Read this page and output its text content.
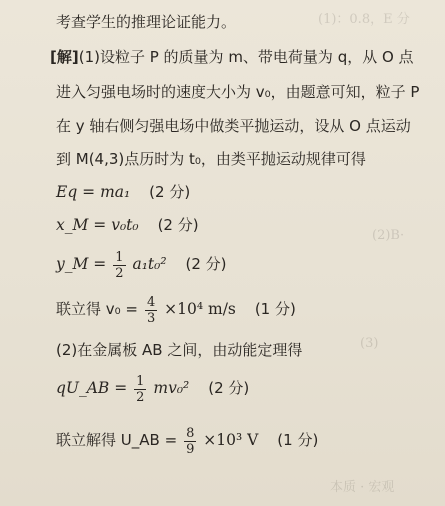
(1)：0.8，E 分
(2)B·
(3)
本质 · 宏观
考查学生的推理论证能力。
[解](1)设粒子 P 的质量为 m、带电荷量为 q，从 O 点
进入匀强电场时的速度大小为 v₀，由题意可知，粒子 P
在 y 轴右侧匀强电场中做类平抛运动，设从 O 点运动
到 M(4,3)点历时为 t₀，由类平抛运动规律可得
Eq = ma₁ (2 分)
x_M = v₀t₀ (2 分)
y_M = $\frac{1}{2} a_1t_0^2$ (2 分)
联立得 $v_0 = \frac{4}{3} \times 10^4$ m/s (1 分)
(2)在金属板 AB 之间，由动能定理得
qU_AB = $\frac{1}{2} mv_0^2$ (2 分)
联立解得 U_AB = $\frac{8}{9} \times 10^3$ V (1 分)
